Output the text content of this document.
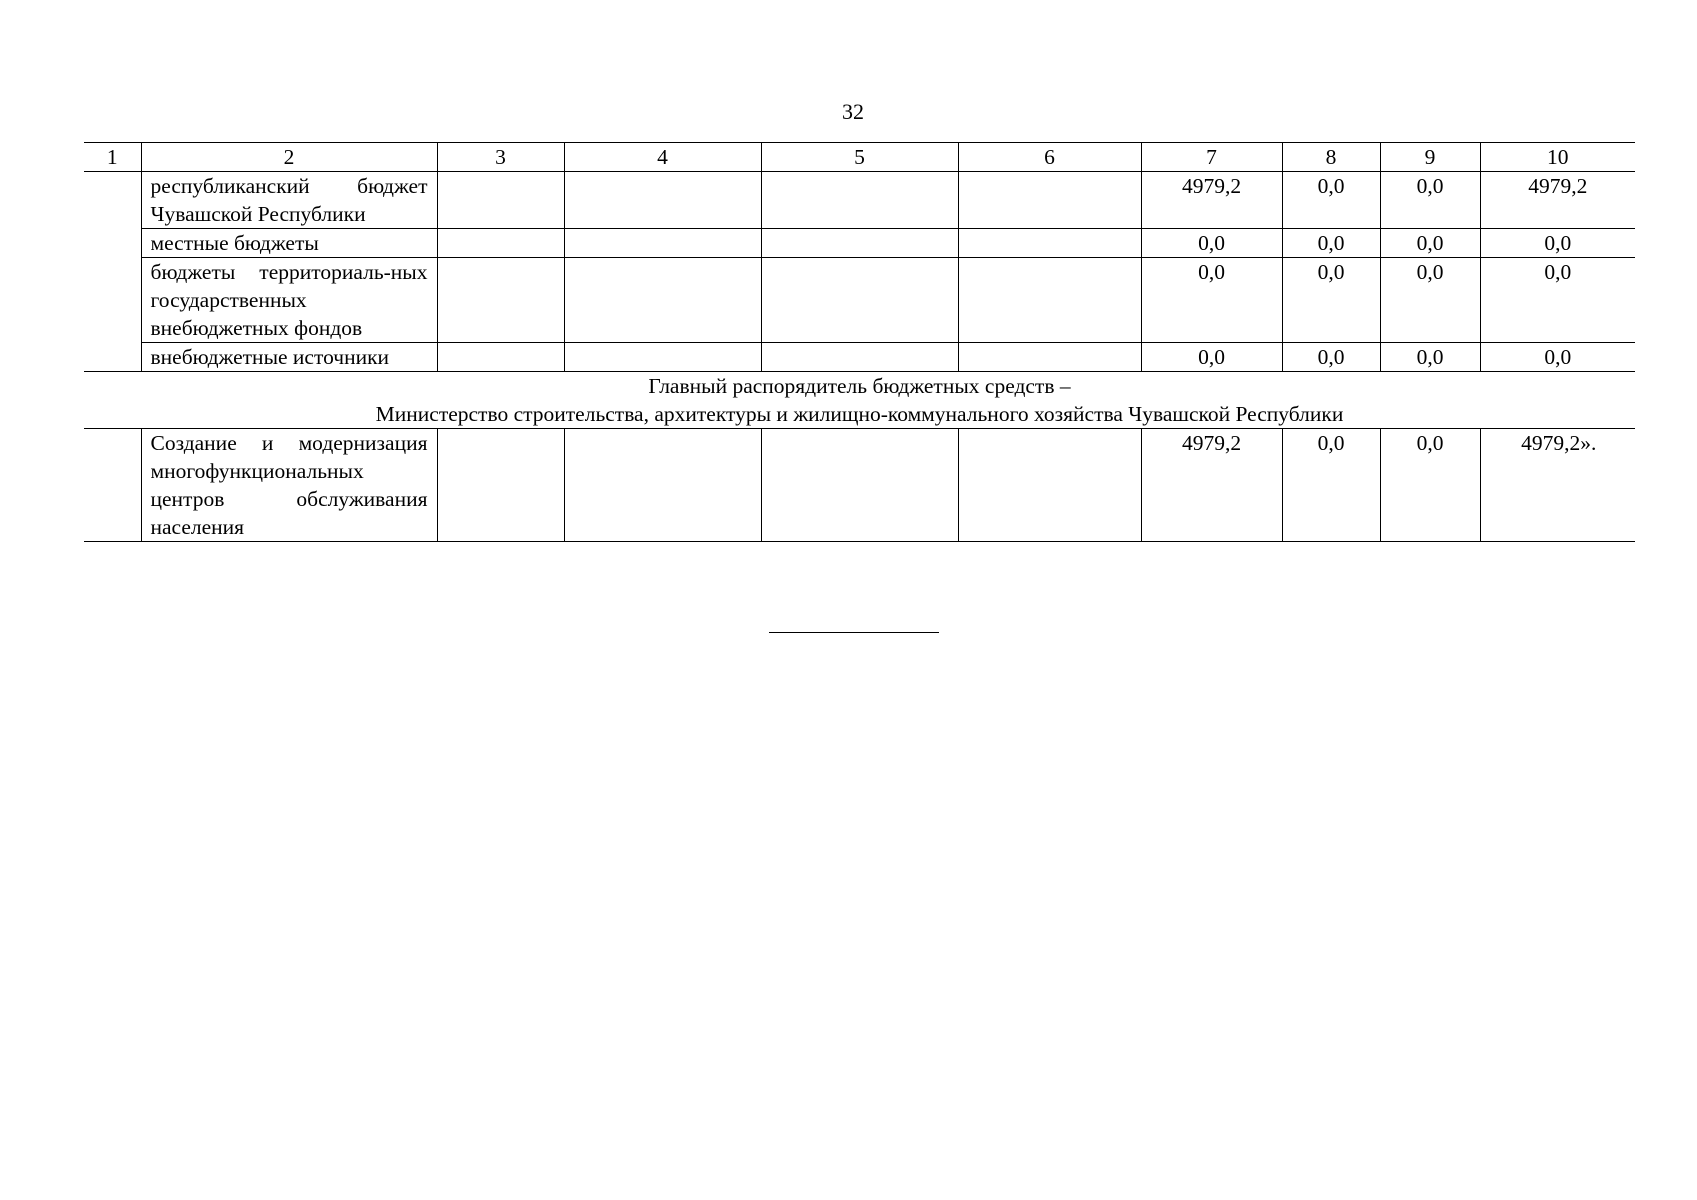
32
1	2	3	4	5	6	7	8	9	10
	республиканский бюджет Чувашской Республики					4979,2	0,0	0,0	4979,2
	местные бюджеты					0,0	0,0	0,0	0,0
	бюджеты территориаль-ных государственных внебюджетных фондов					0,0	0,0	0,0	0,0
	внебюджетные источники					0,0	0,0	0,0	0,0

Главный распорядитель бюджетных средств –
Министерство строительства, архитектуры и жилищно-коммунального хозяйства Чувашской Республики									

	Создание и модернизация многофункциональных центров обслуживания населения					4979,2	0,0	0,0	4979,2».
